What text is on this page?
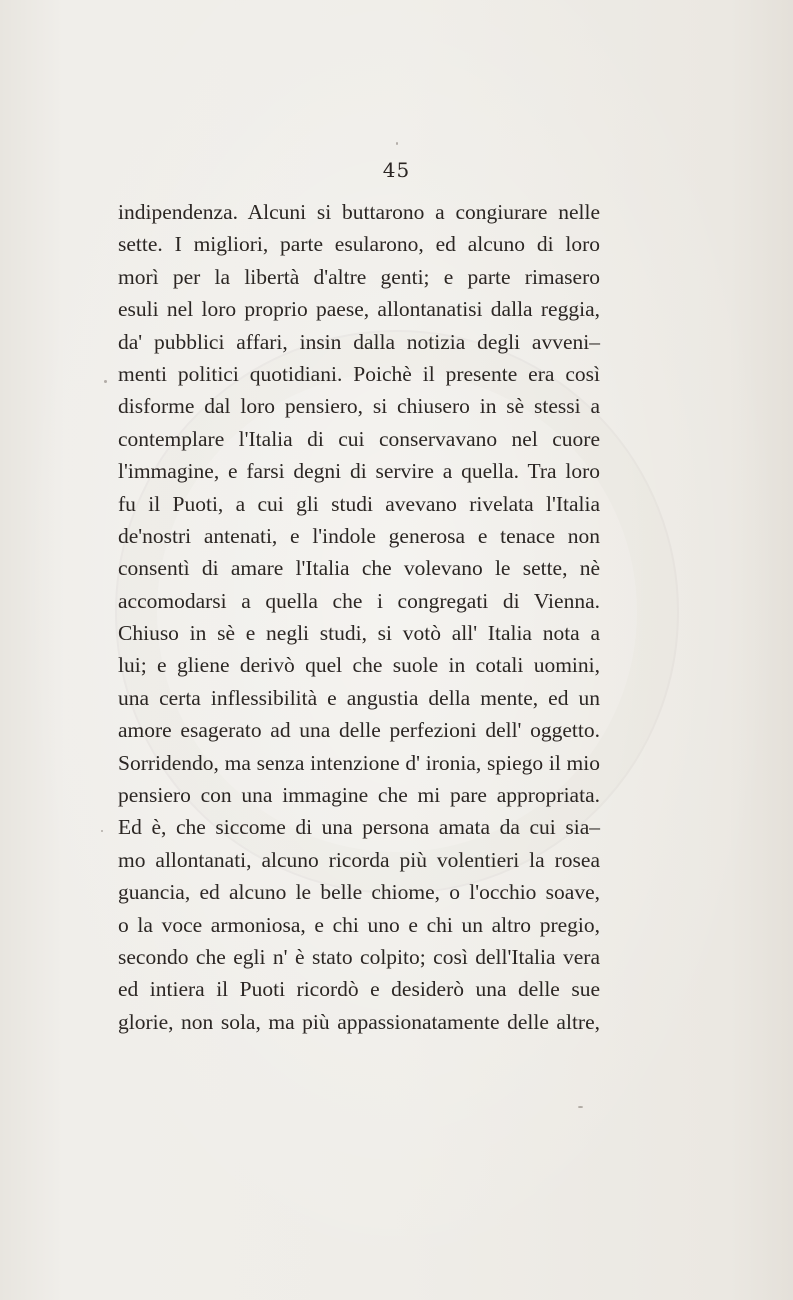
45
indipendenza. Alcuni si buttarono a congiurare nelle
sette. I migliori, parte esularono, ed alcuno di loro
morì per la libertà d'altre genti; e parte rimasero
esuli nel loro proprio paese, allontanatisi dalla reggia,
da' pubblici affari, insin dalla notizia degli avveni–
menti politici quotidiani. Poichè il presente era così
disforme dal loro pensiero, si chiusero in sè stessi a
contemplare l'Italia di cui conservavano nel cuore
l'immagine, e farsi degni di servire a quella. Tra loro
fu il Puoti, a cui gli studi avevano rivelata l'Italia
de'nostri antenati, e l'indole generosa e tenace non
consentì di amare l'Italia che volevano le sette, nè
accomodarsi a quella che i congregati di Vienna.
Chiuso in sè e negli studi, si votò all' Italia nota a
lui; e gliene derivò quel che suole in cotali uomini,
una certa inflessibilità e angustia della mente, ed un
amore esagerato ad una delle perfezioni dell' oggetto.
Sorridendo, ma senza intenzione d' ironia, spiego il mio
pensiero con una immagine che mi pare appropriata.
Ed è, che siccome di una persona amata da cui sia–
mo allontanati, alcuno ricorda più volentieri la rosea
guancia, ed alcuno le belle chiome, o l'occhio soave,
o la voce armoniosa, e chi uno e chi un altro pregio,
secondo che egli n' è stato colpito; così dell'Italia vera
ed intiera il Puoti ricordò e desiderò una delle sue
glorie, non sola, ma più appassionatamente delle altre,
